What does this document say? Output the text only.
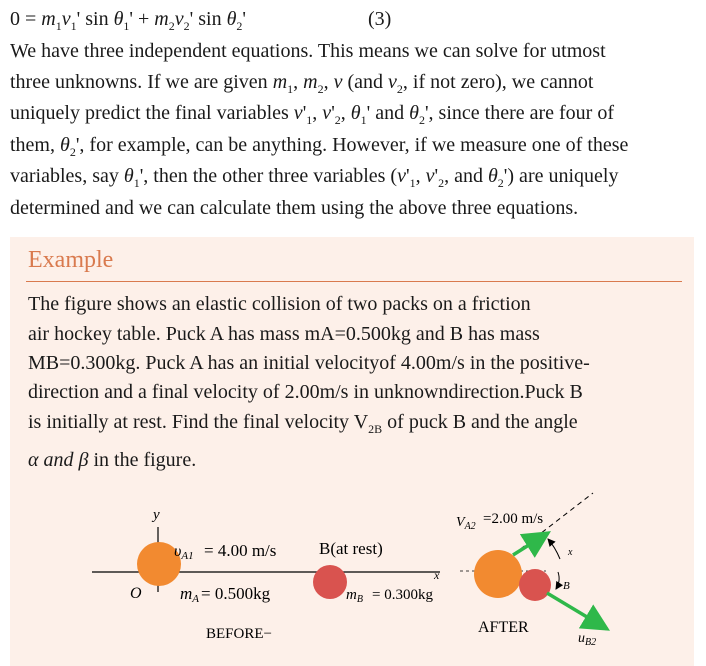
$0 = m_1v_1'$ $\sin \theta_1' + m_2v_2'$ $\sin \theta_2'$	(3)
We have three independent equations. This means we can solve for utmost
three unknowns. If we are given $m_1$, $m_2$, v (and $v_2$, if not zero), we cannot
uniquely predict the final variables $v'_1$, $v'_2$, $\theta_1'$ and $\theta_2'$, since there are four of
them, $\theta_2'$, for example, can be anything. However, if we measure one of these
variables, say $\theta_1'$, then the other three variables ($v'_1$, $v'_2$, and $\theta_2'$) are uniquely
determined and we can calculate them using the above three equations.
Example
The figure shows an elastic collision of two packs on a friction
air hockey table. Puck A has mass mA=0.500kg and B has mass
MB=0.300kg. Puck A has an initial velocityof 4.00m/s in the positive-
direction and a final velocity of 2.00m/s in unknowndirection.Puck B
is initially at rest. Find the final velocity $V_{2B}$ of puck B and the angle
α and β in the figure.
y
O
υA1 = 4.00 m/s	B(at rest)
mA = 0.500kg	$m_B = 0.300kg$
x
BEFORE−
$V_{A2} =2.00$ m/s
x
B
AFTER
$u_{B2}$
